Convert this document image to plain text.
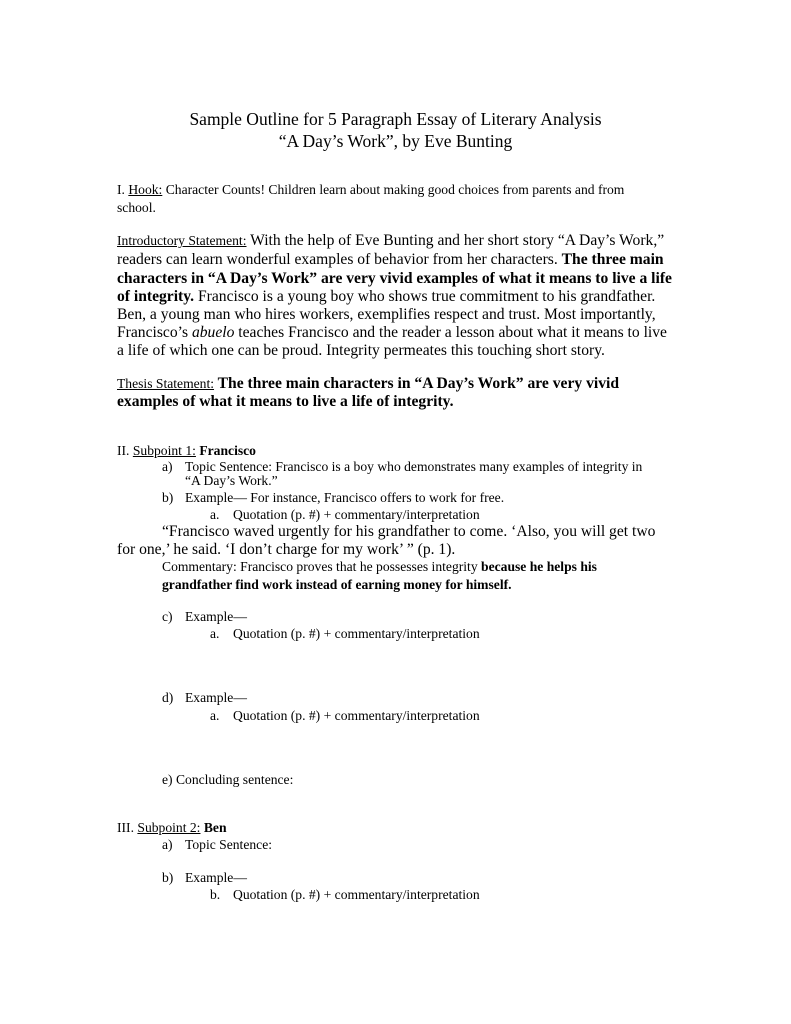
Sample Outline for 5 Paragraph Essay of Literary Analysis
“A Day’s Work”, by Eve Bunting
I. Hook: Character Counts! Children learn about making good choices from parents and from
school.
Introductory Statement: With the help of Eve Bunting and her short story “A Day’s Work,”
readers can learn wonderful examples of behavior from her characters. The three main
characters in “A Day’s Work” are very vivid examples of what it means to live a life
of integrity. Francisco is a young boy who shows true commitment to his grandfather.
Ben, a young man who hires workers, exemplifies respect and trust. Most importantly,
Francisco’s abuelo teaches Francisco and the reader a lesson about what it means to live
a life of which one can be proud. Integrity permeates this touching short story.
Thesis Statement: The three main characters in “A Day’s Work” are very vivid
examples of what it means to live a life of integrity.
II. Subpoint 1: Francisco
a) Topic Sentence: Francisco is a boy who demonstrates many examples of integrity in
“A Day’s Work.”
b) Example— For instance, Francisco offers to work for free.
a. Quotation (p. #) + commentary/interpretation
“Francisco waved urgently for his grandfather to come. ‘Also, you will get two
for one,’ he said. ‘I don’t charge for my work’ ” (p. 1).
Commentary: Francisco proves that he possesses integrity because he helps his
grandfather find work instead of earning money for himself.
c) Example—
a. Quotation (p. #) + commentary/interpretation
d) Example—
a. Quotation (p. #) + commentary/interpretation
e) Concluding sentence:
III. Subpoint 2: Ben
a) Topic Sentence:
b) Example—
b. Quotation (p. #) + commentary/interpretation
